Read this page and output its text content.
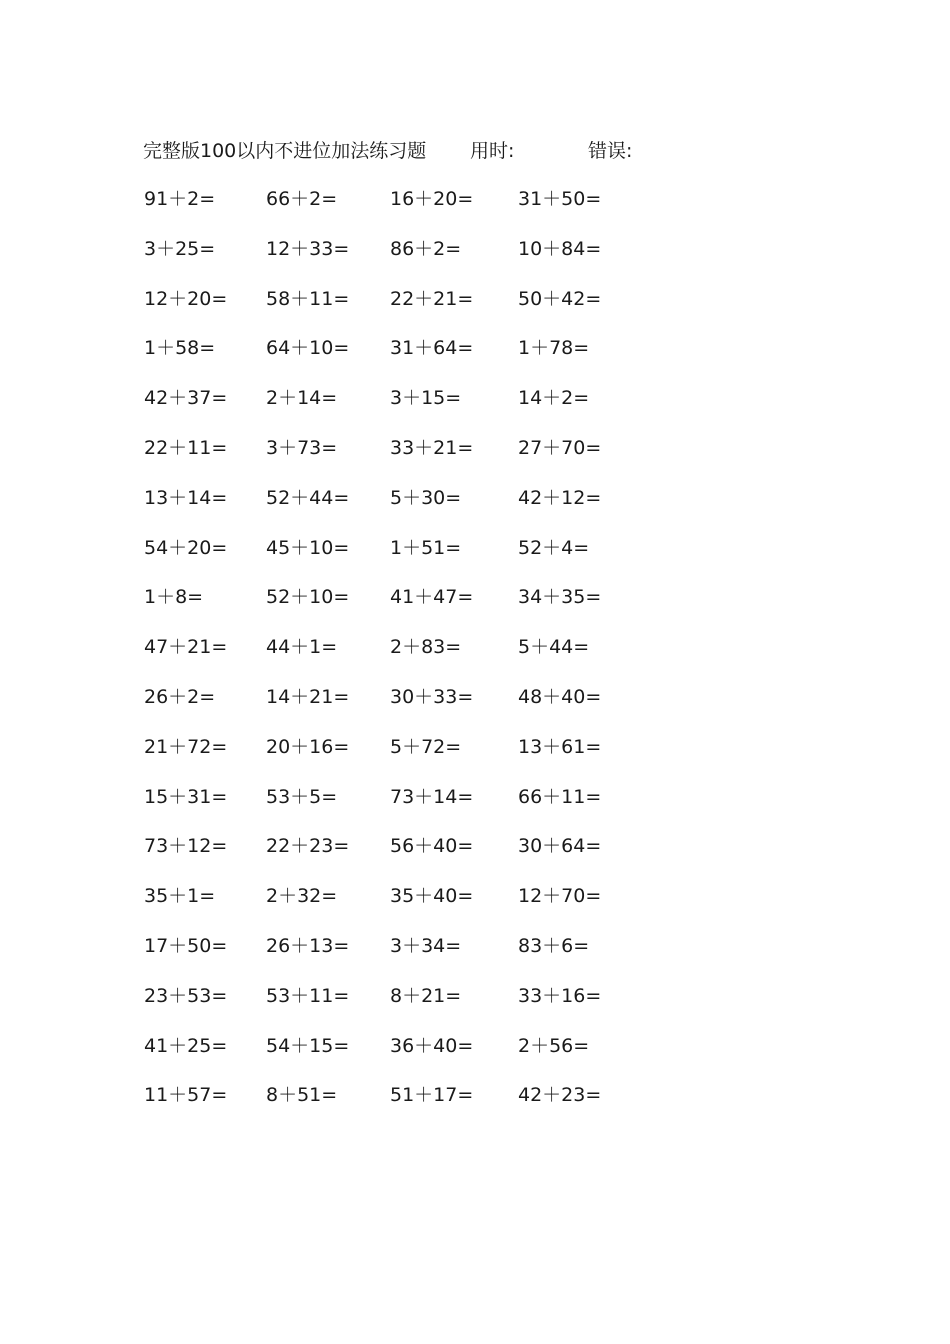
完整版100以内不进位加法练习题 用时:	错误:
91＋2=	66＋2=	16＋20= 31＋50=
3＋25=	12＋33= 86＋2=	10＋84=
12＋20= 58＋11= 22＋21= 50＋42=
1＋58=	64＋10= 31＋64= 1＋78=
42＋37= 2＋14=	3＋15=	14＋2=
22＋11= 3＋73=	33＋21= 27＋70=
13＋14= 52＋44= 5＋30=	42＋12=
54＋20= 45＋10= 1＋51=	52＋4=
1＋8=	52＋10= 41＋47= 34＋35=
47＋21= 44＋1=	2＋83=	5＋44=
26＋2=	14＋21= 30＋33= 48＋40=
21＋72= 20＋16= 5＋72=	13＋61=
15＋31= 53＋5=	73＋14= 66＋11=
73＋12= 22＋23= 56＋40= 30＋64=
35＋1=	2＋32=	35＋40= 12＋70=
17＋50= 26＋13= 3＋34=	83＋6=
23＋53= 53＋11= 8＋21=	33＋16=
41＋25= 54＋15= 36＋40= 2＋56=
11＋57= 8＋51=	51＋17= 42＋23=
